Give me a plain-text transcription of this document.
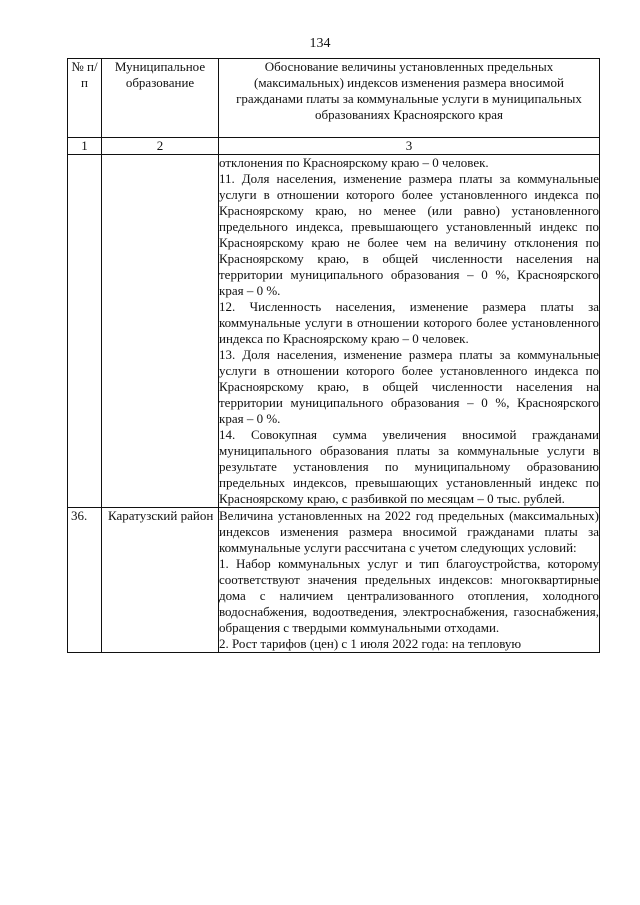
134
№ п/п	Муниципальное образование	Обоснование величины установленных предельных (максимальных) индексов изменения размера вносимой гражданами платы за коммунальные услуги в муниципальных образованиях Красноярского края
1	2	3

		отклонения по Красноярскому краю – 0 человек.

11. Доля населения, изменение размера платы за коммунальные услуги в отношении которого более установленного индекса по Красноярскому краю, но менее (или равно) установленного предельного индекса, превышающего установленный индекс по Красноярскому краю не более чем на величину отклонения по Красноярскому краю, в общей численности населения на территории муниципального образования – 0 %, Красноярского края – 0 %.

12. Численность населения, изменение размера платы за коммунальные услуги в отношении которого более установленного индекса по Красноярскому краю – 0 человек.

13. Доля населения, изменение размера платы за коммунальные услуги в отношении которого более установленного индекса по Красноярскому краю, в общей численности населения на территории муниципального образования – 0 %, Красноярского края – 0 %.

14. Совокупная сумма увеличения вносимой гражданами муниципального образования платы за коммунальные услуги в результате установления по муниципальному образованию предельных индексов, превышающих установленный индекс по Красноярскому краю, с разбивкой по месяцам – 0 тыс. рублей.

36.	Каратузский район	Величина установленных на 2022 год предельных (максимальных) индексов изменения размера вносимой гражданами платы за коммунальные услуги рассчитана с учетом следующих условий:

1. Набор коммунальных услуг и тип благоустройства, которому соответствуют значения предельных индексов: многоквартирные дома с наличием централизованного отопления, холодного водоснабжения, водоотведения, электроснабжения, газоснабжения, обращения с твердыми коммунальными отходами.

2. Рост тарифов (цен) с 1 июля 2022 года: на тепловую
